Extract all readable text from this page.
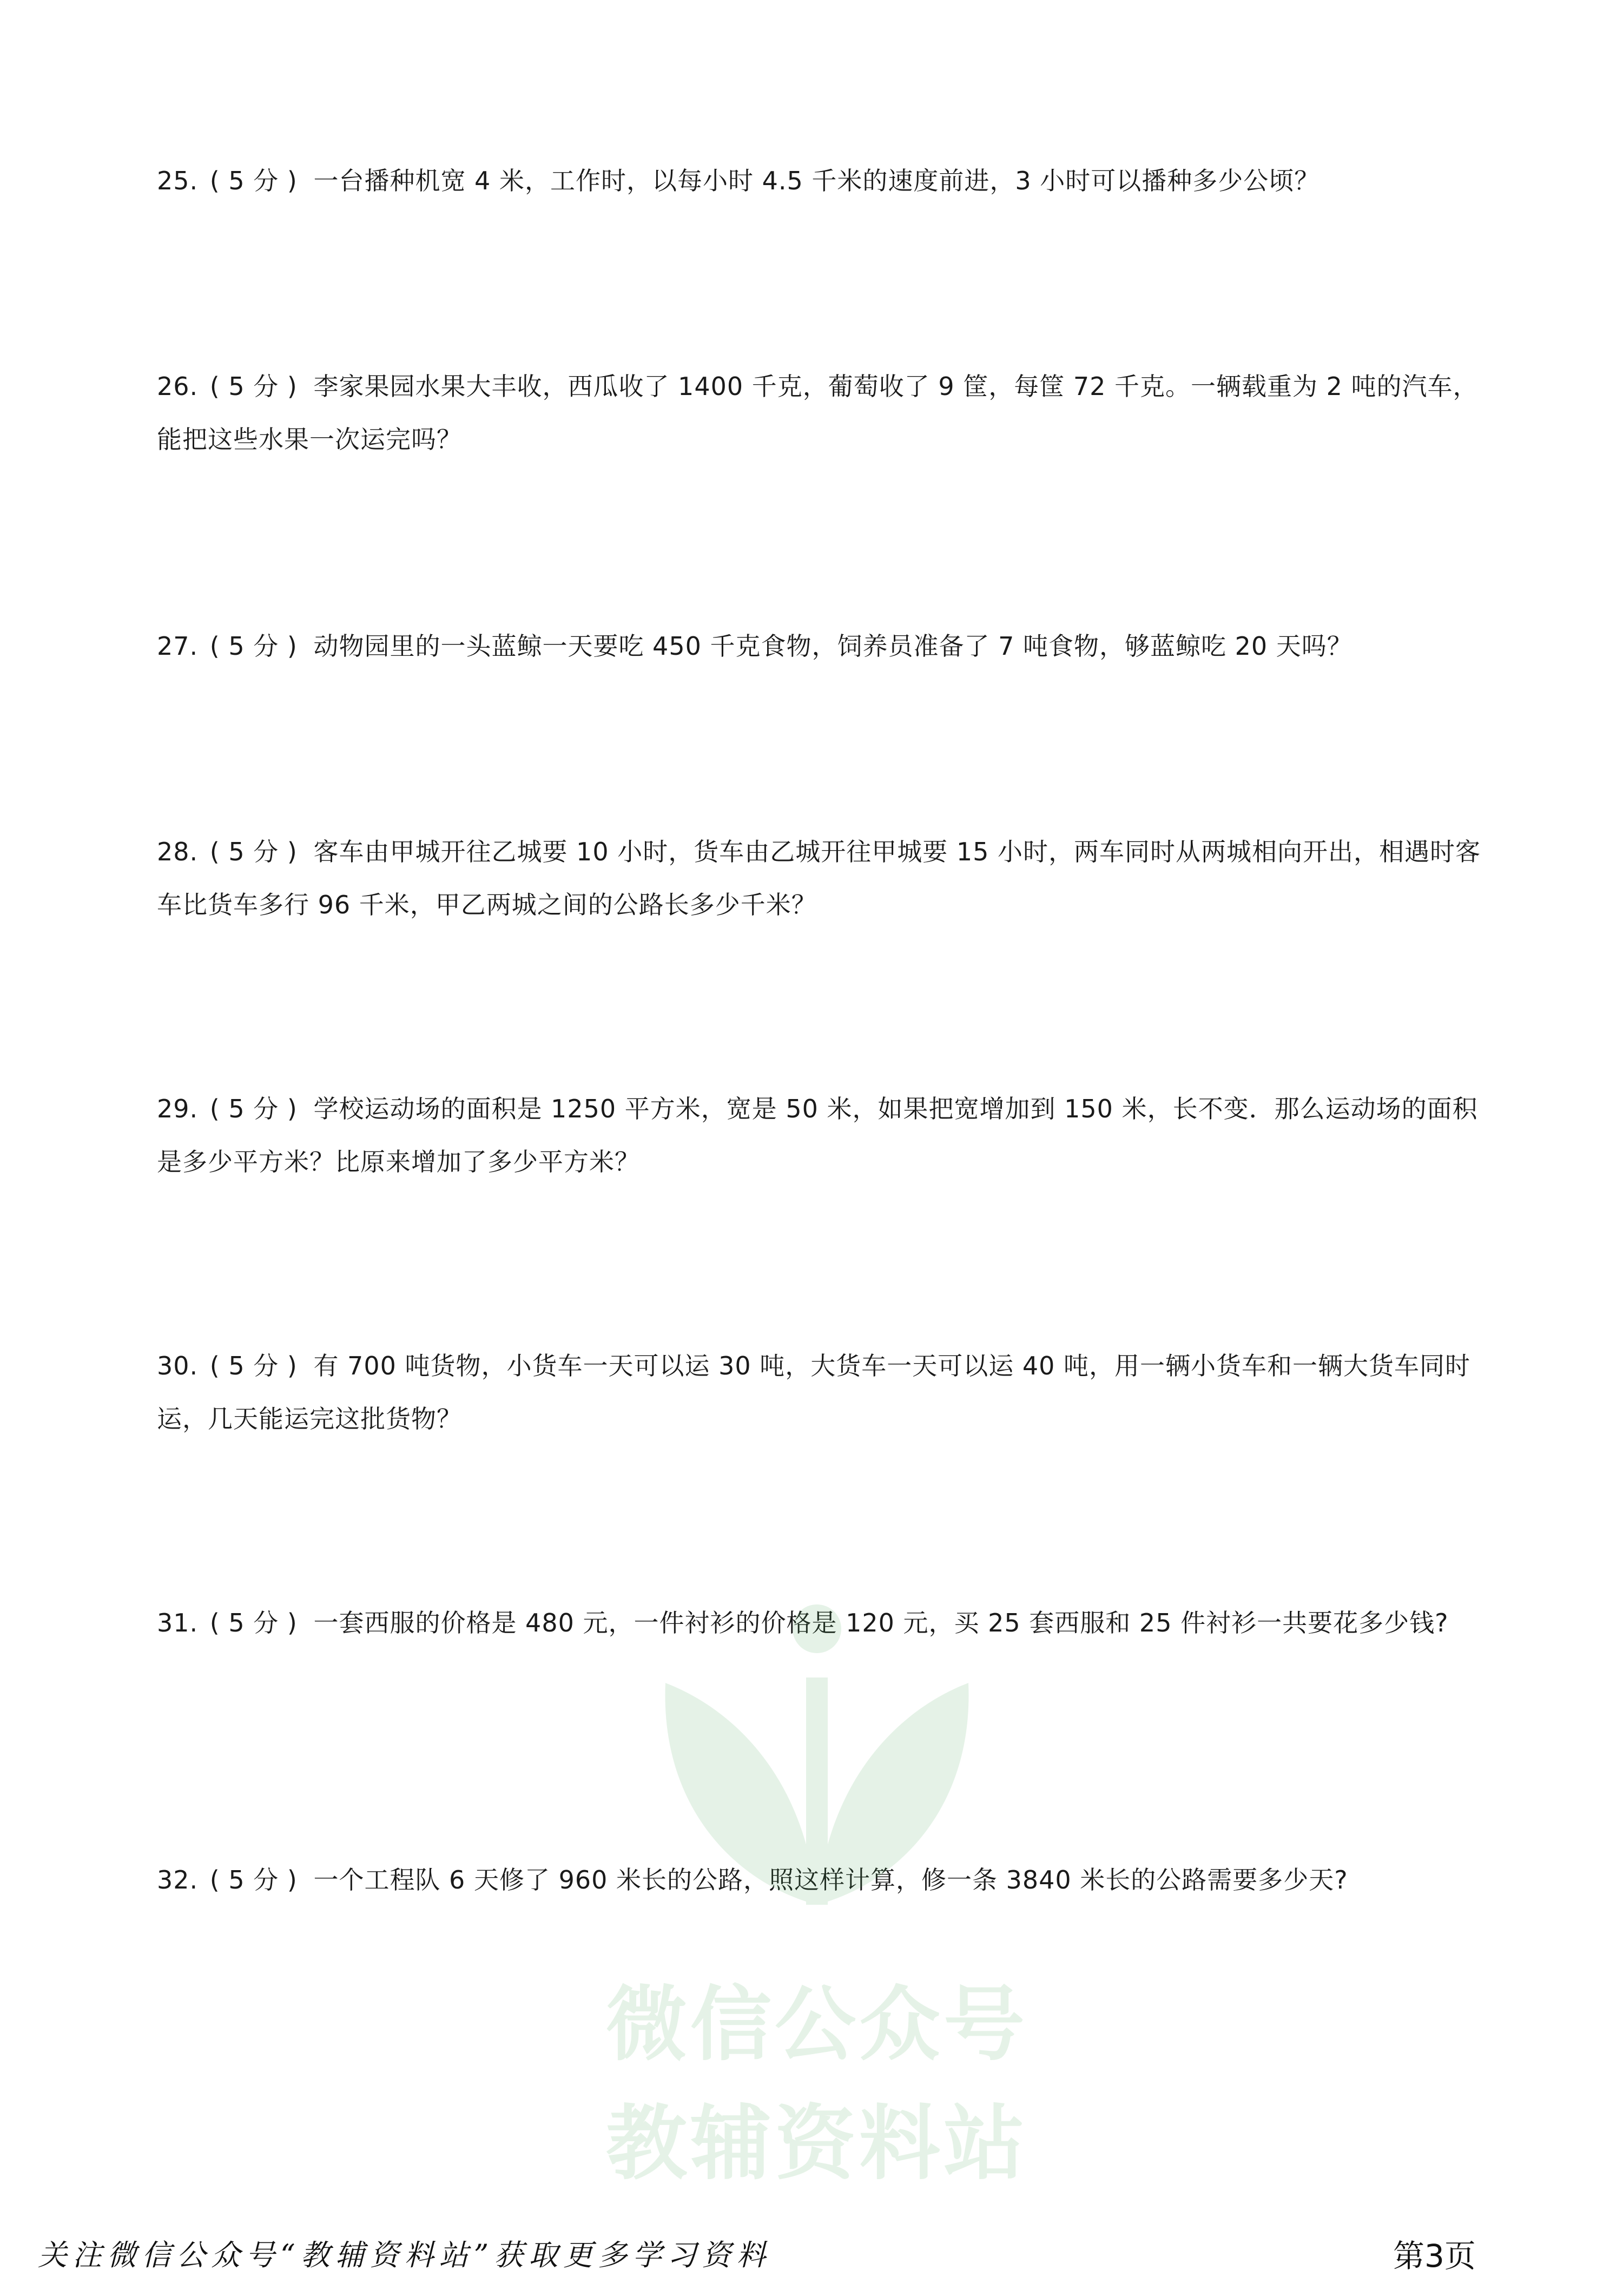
25. ( 5 分 ) 一台播种机宽 4 米，工作时，以每小时 4.5 千米的速度前进，3 小时可以播种多少公顷？
26. ( 5 分 ) 李家果园水果大丰收，西瓜收了 1400 千克，葡萄收了 9 筐，每筐 72 千克。一辆载重为 2 吨的汽车，能把这些水果一次运完吗？
27. ( 5 分 ) 动物园里的一头蓝鲸一天要吃 450 千克食物，饲养员准备了 7 吨食物，够蓝鲸吃 20 天吗？
28. ( 5 分 ) 客车由甲城开往乙城要 10 小时，货车由乙城开往甲城要 15 小时，两车同时从两城相向开出，相遇时客车比货车多行 96 千米，甲乙两城之间的公路长多少千米？
29. ( 5 分 ) 学校运动场的面积是 1250 平方米，宽是 50 米，如果把宽增加到 150 米，长不变．那么运动场的面积是多少平方米？比原来增加了多少平方米？
30. ( 5 分 ) 有 700 吨货物，小货车一天可以运 30 吨，大货车一天可以运 40 吨，用一辆小货车和一辆大货车同时运，几天能运完这批货物？
31. ( 5 分 ) 一套西服的价格是 480 元，一件衬衫的价格是 120 元，买 25 套西服和 25 件衬衫一共要花多少钱?
32. ( 5 分 ) 一个工程队 6 天修了 960 米长的公路，照这样计算，修一条 3840 米长的公路需要多少天?
微信公众号
教辅资料站
关注微信公众号“教辅资料站”获取更多学习资料	第3页
